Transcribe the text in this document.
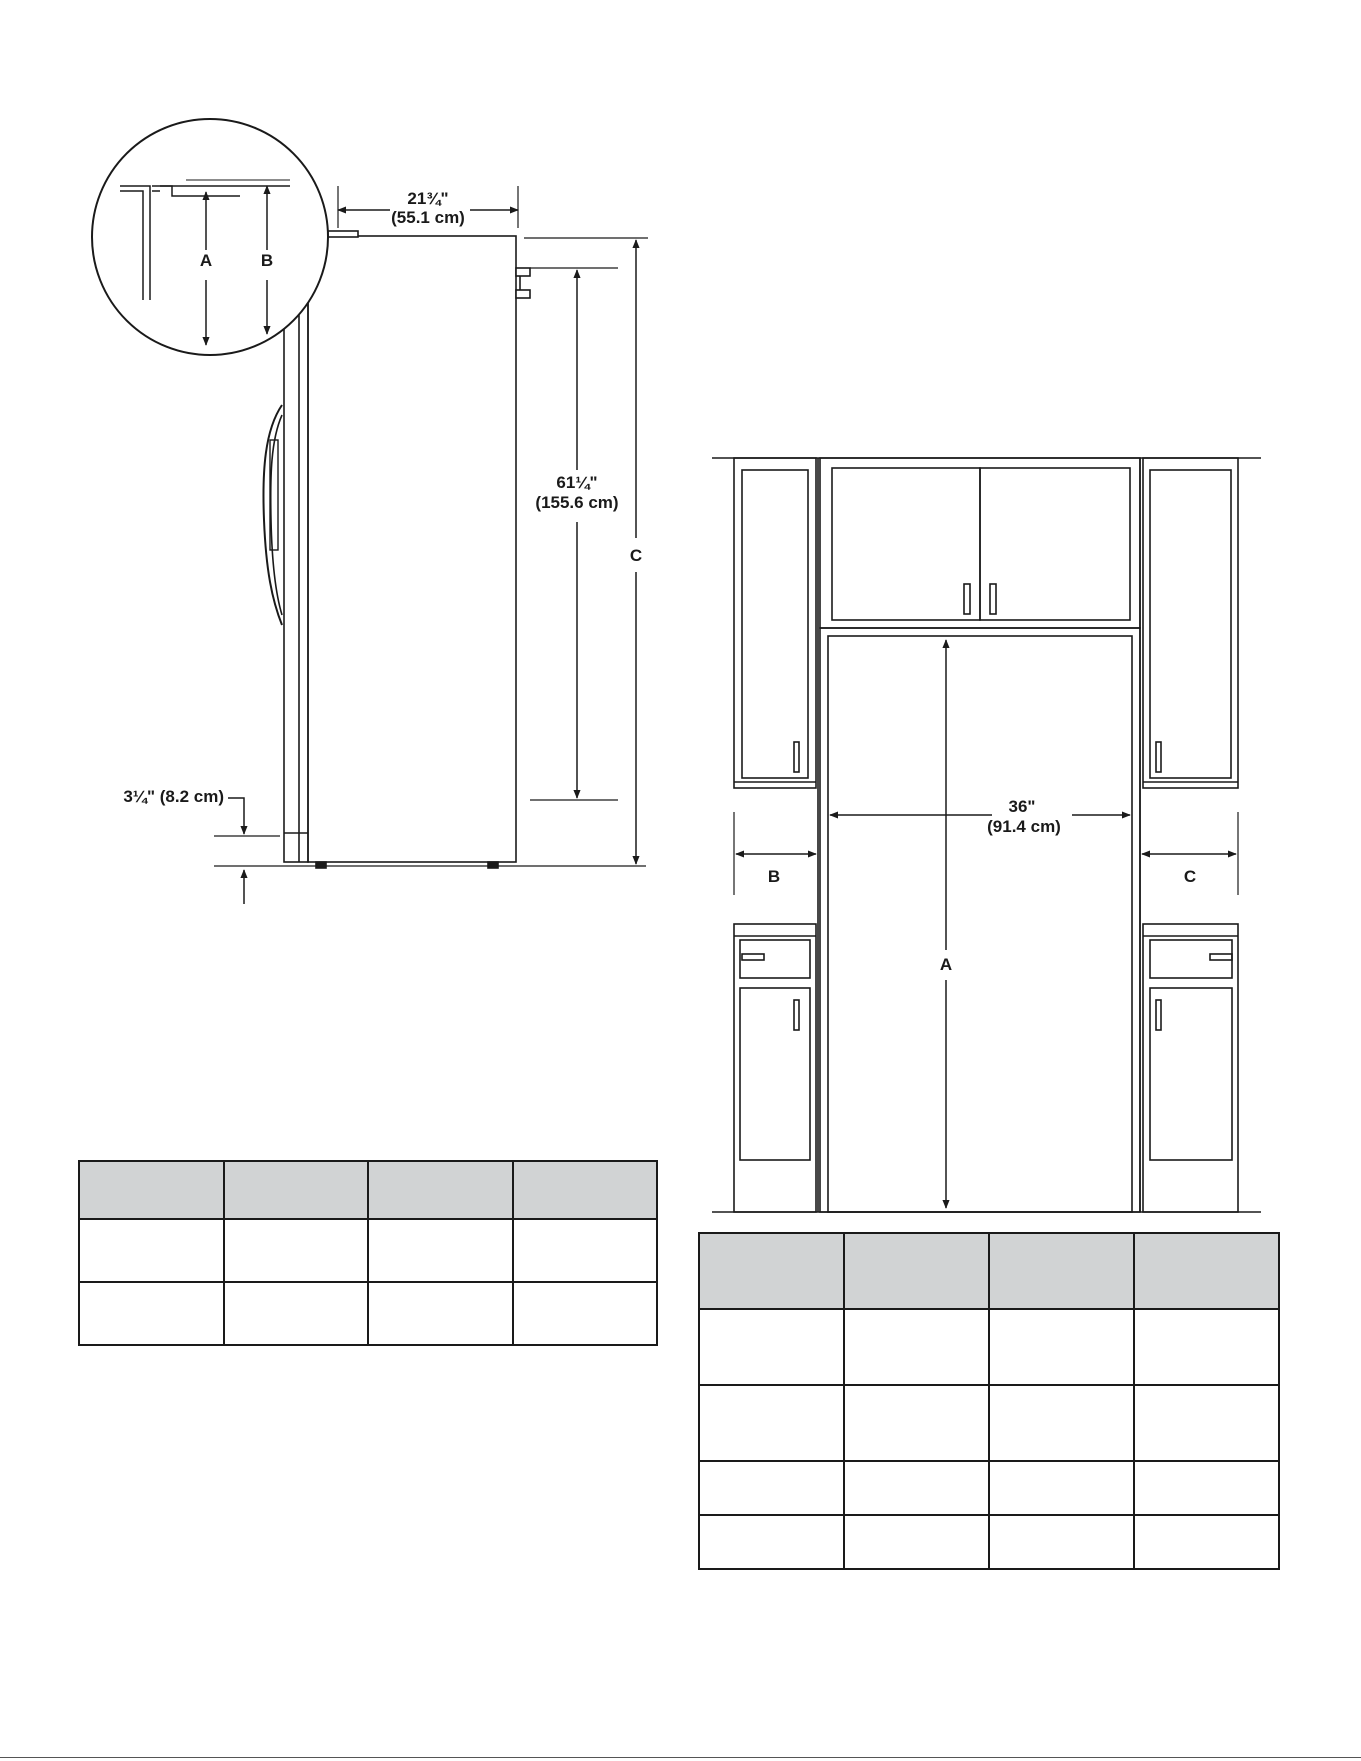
21¾"
(55.1 cm)
61¼"
(155.6 cm)
C
3¼" (8.2 cm)
A	B
36"
(91.4 cm)
A
B	C
